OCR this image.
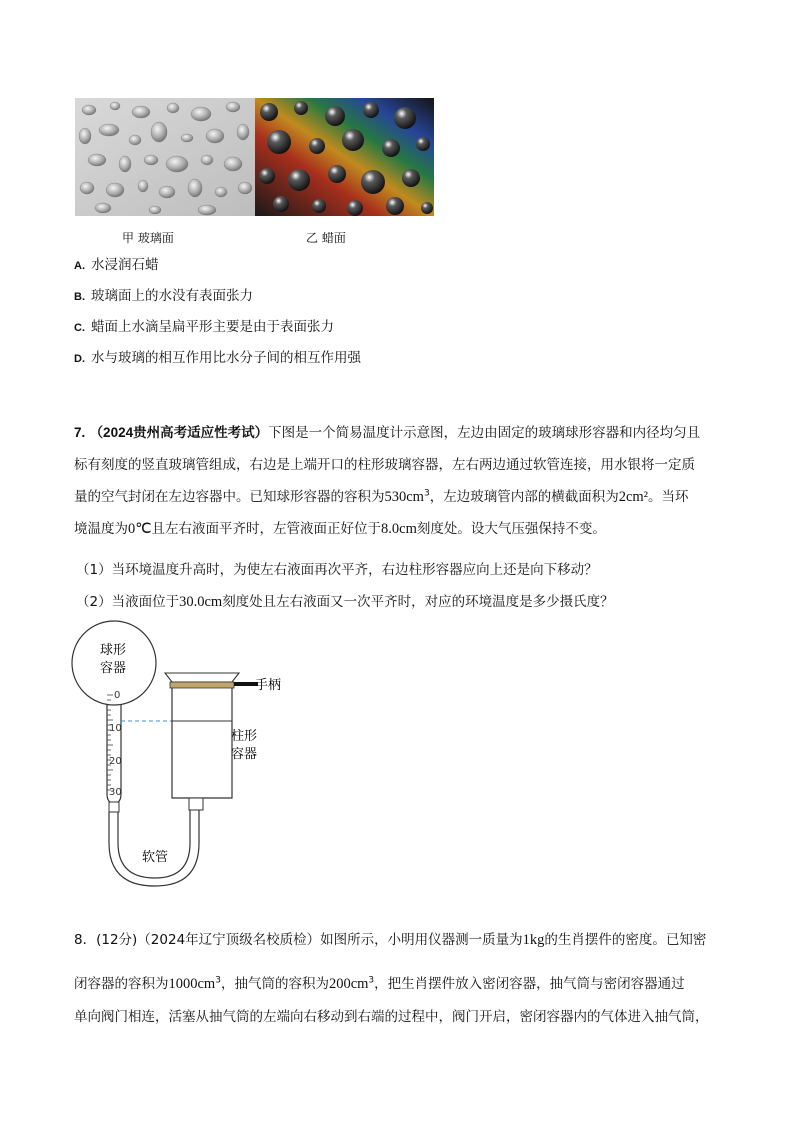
甲 玻璃面	乙 蜡面
A. 水浸润石蜡
B. 玻璃面上的水没有表面张力
C. 蜡面上水滴呈扁平形主要是由于表面张力
D. 水与玻璃的相互作用比水分子间的相互作用强
7. （2024贵州高考适应性考试）下图是一个简易温度计示意图，左边由固定的玻璃球形容器和内径均匀且
标有刻度的竖直玻璃管组成，右边是上端开口的柱形玻璃容器，左右两边通过软管连接，用水银将一定质
量的空气封闭在左边容器中。已知球形容器的容积为$530cm^3$，左边玻璃管内部的横截面积为2cm²。当环
境温度为0℃且左右液面平齐时，左管液面正好位于8.0cm刻度处。设大气压强保持不变。
（1）当环境温度升高时，为使左右液面再次平齐，右边柱形容器应向上还是向下移动？
（2）当液面位于30.0cm刻度处且左右液面又一次平齐时，对应的环境温度是多少摄氏度？
球形
容器
0
10
20
30
手柄
柱形
容器
软管
8．(12分)（2024年辽宁顶级名校质检）如图所示，小明用仪器测一质量为1kg的生肖摆件的密度。已知密
闭容器的容积为$1000cm^3$，抽气筒的容积为$200cm^3$，把生肖摆件放入密闭容器，抽气筒与密闭容器通过
单向阀门相连，活塞从抽气筒的左端向右移动到右端的过程中，阀门开启，密闭容器内的气体进入抽气筒，
